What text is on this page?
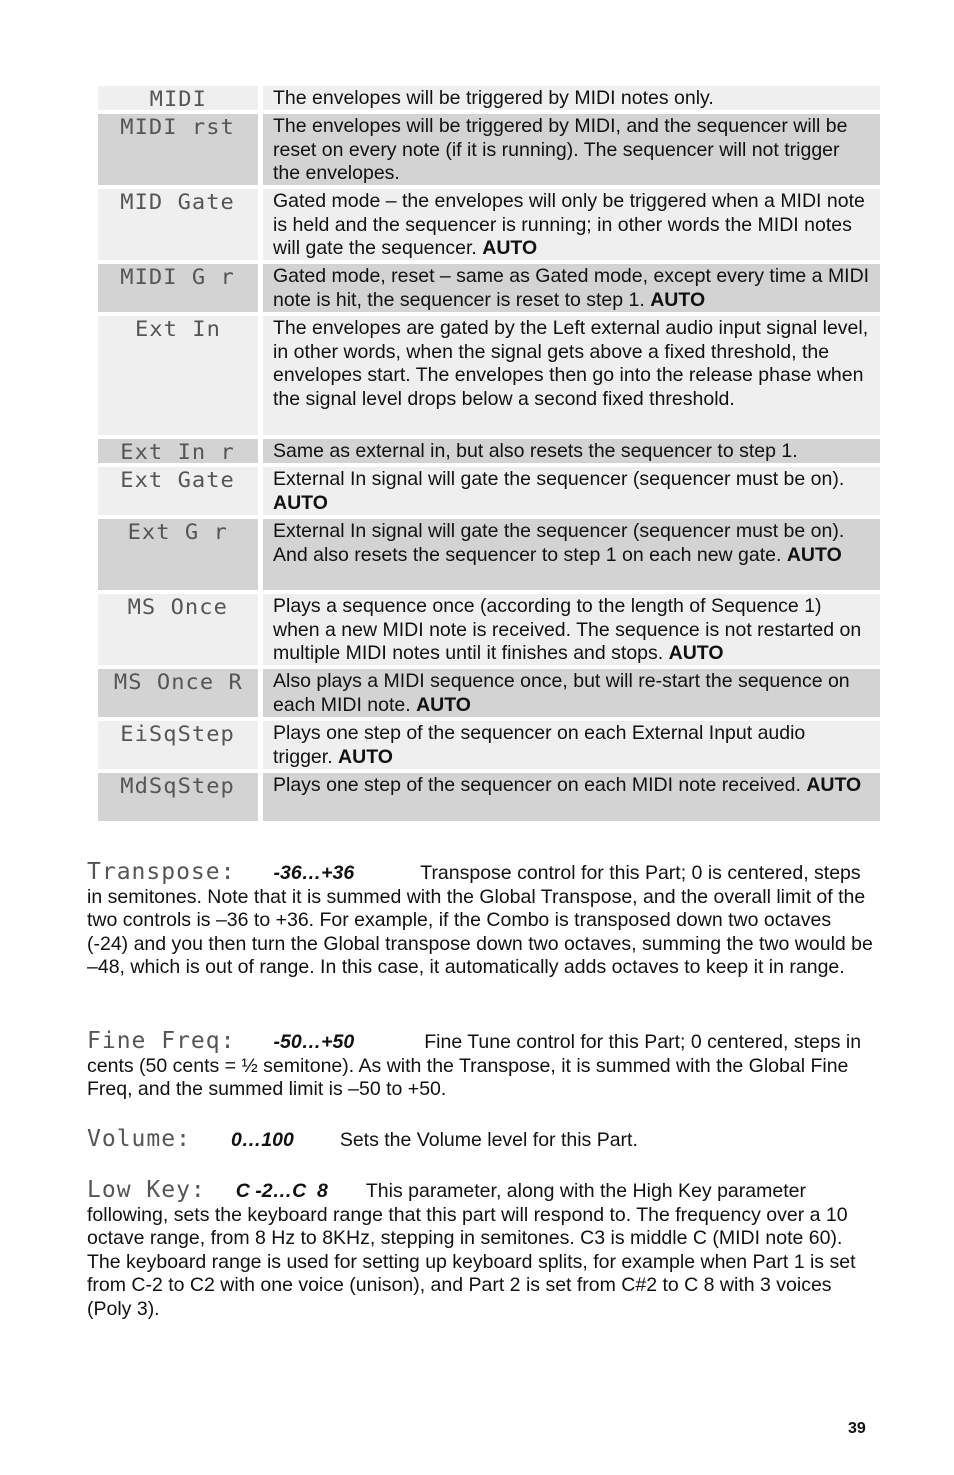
MIDI	The envelopes will be triggered by MIDI notes only.
MIDI rst	The envelopes will be triggered by MIDI, and the sequencer will be reset on every note (if it is running). The sequencer will not trigger the envelopes.
MID Gate	Gated mode – the envelopes will only be triggered when a MIDI note is held and the sequencer is running; in other words the MIDI notes will gate the sequencer. AUTO
MIDI G r	Gated mode, reset – same as Gated mode, except every time a MIDI note is hit, the sequencer is reset to step 1. AUTO
Ext In	The envelopes are gated by the Left external audio input signal level, in other words, when the signal gets above a fixed threshold, the envelopes start. The envelopes then go into the release phase when the signal level drops below a second fixed threshold.
Ext In r	Same as external in, but also resets the sequencer to step 1.
Ext Gate	External In signal will gate the sequencer (sequencer must be on). AUTO
Ext G r	External In signal will gate the sequencer (sequencer must be on). And also resets the sequencer to step 1 on each new gate. AUTO
MS Once	Plays a sequence once (according to the length of Sequence 1) when a new MIDI note is received. The sequence is not restarted on multiple MIDI notes until it finishes and stops. AUTO
MS Once R	Also plays a MIDI sequence once, but will re-start the sequence on each MIDI note. AUTO
EiSqStep	Plays one step of the sequencer on each External Input audio trigger. AUTO
MdSqStep	Plays one step of the sequencer on each MIDI note received. AUTO
Transpose: -36…+36	Transpose control for this Part; 0 is centered, steps in semitones. Note that it is summed with the Global Transpose, and the overall limit of the two controls is –36 to +36. For example, if the Combo is transposed down two octaves (-24) and you then turn the Global transpose down two octaves, summing the two would be –48, which is out of range. In this case, it automatically adds octaves to keep it in range.
Fine Freq: -50…+50	Fine Tune control for this Part; 0 centered, steps in cents (50 cents = ½ semitone). As with the Transpose, it is summed with the Global Fine Freq, and the summed limit is –50 to +50.
Volume: 0…100 Sets the Volume level for this Part.
Low Key: C -2…C  8 This parameter, along with the High Key parameter following, sets the keyboard range that this part will respond to. The frequency over a 10 octave range, from 8 Hz to 8KHz, stepping in semitones. C3 is middle C (MIDI note 60). The keyboard range is used for setting up keyboard splits, for example when Part 1 is set from C-2 to C2 with one voice (unison), and Part 2 is set from C#2 to C 8 with 3 voices (Poly 3).
39
